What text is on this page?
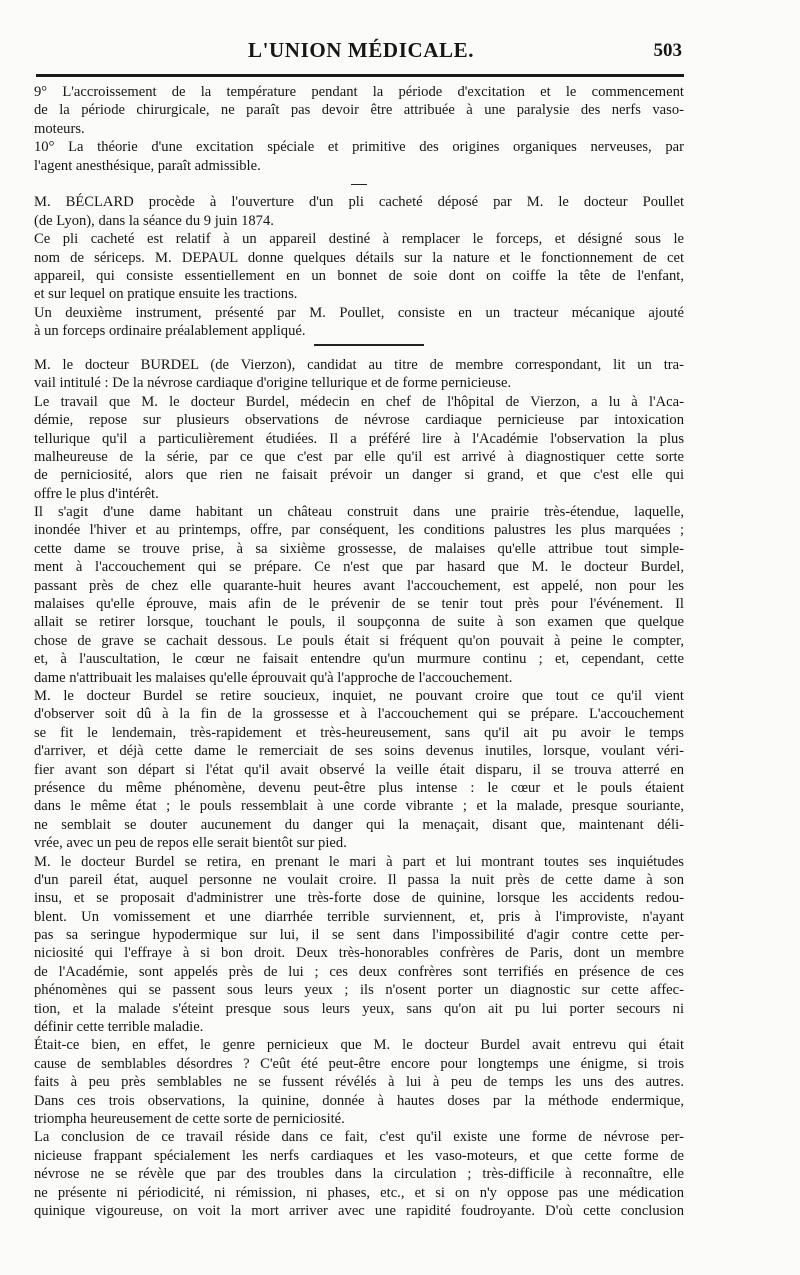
L'UNION MÉDICALE.	503
9° L'accroissement de la température pendant la période d'excitation et le commencement
de la période chirurgicale, ne paraît pas devoir être attribuée à une paralysie des nerfs vaso-
moteurs.
10° La théorie d'une excitation spéciale et primitive des origines organiques nerveuses, par
l'agent anesthésique, paraît admissible.
M. BÉCLARD procède à l'ouverture d'un pli cacheté déposé par M. le docteur Poullet
(de Lyon), dans la séance du 9 juin 1874.
Ce pli cacheté est relatif à un appareil destiné à remplacer le forceps, et désigné sous le
nom de sériceps. M. DEPAUL donne quelques détails sur la nature et le fonctionnement de cet
appareil, qui consiste essentiellement en un bonnet de soie dont on coiffe la tête de l'enfant,
et sur lequel on pratique ensuite les tractions.
Un deuxième instrument, présenté par M. Poullet, consiste en un tracteur mécanique ajouté
à un forceps ordinaire préalablement appliqué.
M. le docteur BURDEL (de Vierzon), candidat au titre de membre correspondant, lit un tra-
vail intitulé : De la névrose cardiaque d'origine tellurique et de forme pernicieuse.
Le travail que M. le docteur Burdel, médecin en chef de l'hôpital de Vierzon, a lu à l'Aca-
démie, repose sur plusieurs observations de névrose cardiaque pernicieuse par intoxication
tellurique qu'il a particulièrement étudiées. Il a préféré lire à l'Académie l'observation la plus
malheureuse de la série, par ce que c'est par elle qu'il est arrivé à diagnostiquer cette sorte
de perniciosité, alors que rien ne faisait prévoir un danger si grand, et que c'est elle qui
offre le plus d'intérêt.
Il s'agit d'une dame habitant un château construit dans une prairie très-étendue, laquelle,
inondée l'hiver et au printemps, offre, par conséquent, les conditions palustres les plus marquées ;
cette dame se trouve prise, à sa sixième grossesse, de malaises qu'elle attribue tout simple-
ment à l'accouchement qui se prépare. Ce n'est que par hasard que M. le docteur Burdel,
passant près de chez elle quarante-huit heures avant l'accouchement, est appelé, non pour les
malaises qu'elle éprouve, mais afin de le prévenir de se tenir tout près pour l'événement. Il
allait se retirer lorsque, touchant le pouls, il soupçonna de suite à son examen que quelque
chose de grave se cachait dessous. Le pouls était si fréquent qu'on pouvait à peine le compter,
et, à l'auscultation, le cœur ne faisait entendre qu'un murmure continu ; et, cependant, cette
dame n'attribuait les malaises qu'elle éprouvait qu'à l'approche de l'accouchement.
M. le docteur Burdel se retire soucieux, inquiet, ne pouvant croire que tout ce qu'il vient
d'observer soit dû à la fin de la grossesse et à l'accouchement qui se prépare. L'accouchement
se fit le lendemain, très-rapidement et très-heureusement, sans qu'il ait pu avoir le temps
d'arriver, et déjà cette dame le remerciait de ses soins devenus inutiles, lorsque, voulant véri-
fier avant son départ si l'état qu'il avait observé la veille était disparu, il se trouva atterré en
présence du même phénomène, devenu peut-être plus intense : le cœur et le pouls étaient
dans le même état ; le pouls ressemblait à une corde vibrante ; et la malade, presque souriante,
ne semblait se douter aucunement du danger qui la menaçait, disant que, maintenant déli-
vrée, avec un peu de repos elle serait bientôt sur pied.
M. le docteur Burdel se retira, en prenant le mari à part et lui montrant toutes ses inquiétudes
d'un pareil état, auquel personne ne voulait croire. Il passa la nuit près de cette dame à son
insu, et se proposait d'administrer une très-forte dose de quinine, lorsque les accidents redou-
blent. Un vomissement et une diarrhée terrible surviennent, et, pris à l'improviste, n'ayant
pas sa seringue hypodermique sur lui, il se sent dans l'impossibilité d'agir contre cette per-
niciosité qui l'effraye à si bon droit. Deux très-honorables confrères de Paris, dont un membre
de l'Académie, sont appelés près de lui ; ces deux confrères sont terrifiés en présence de ces
phénomènes qui se passent sous leurs yeux ; ils n'osent porter un diagnostic sur cette affec-
tion, et la malade s'éteint presque sous leurs yeux, sans qu'on ait pu lui porter secours ni
définir cette terrible maladie.
Était-ce bien, en effet, le genre pernicieux que M. le docteur Burdel avait entrevu qui était
cause de semblables désordres ? C'eût été peut-être encore pour longtemps une énigme, si trois
faits à peu près semblables ne se fussent révélés à lui à peu de temps les uns des autres.
Dans ces trois observations, la quinine, donnée à hautes doses par la méthode endermique,
triompha heureusement de cette sorte de perniciosité.
La conclusion de ce travail réside dans ce fait, c'est qu'il existe une forme de névrose per-
nicieuse frappant spécialement les nerfs cardiaques et les vaso-moteurs, et que cette forme de
névrose ne se révèle que par des troubles dans la circulation ; très-difficile à reconnaître, elle
ne présente ni périodicité, ni rémission, ni phases, etc., et si on n'y oppose pas une médication
quinique vigoureuse, on voit la mort arriver avec une rapidité foudroyante. D'où cette conclusion
